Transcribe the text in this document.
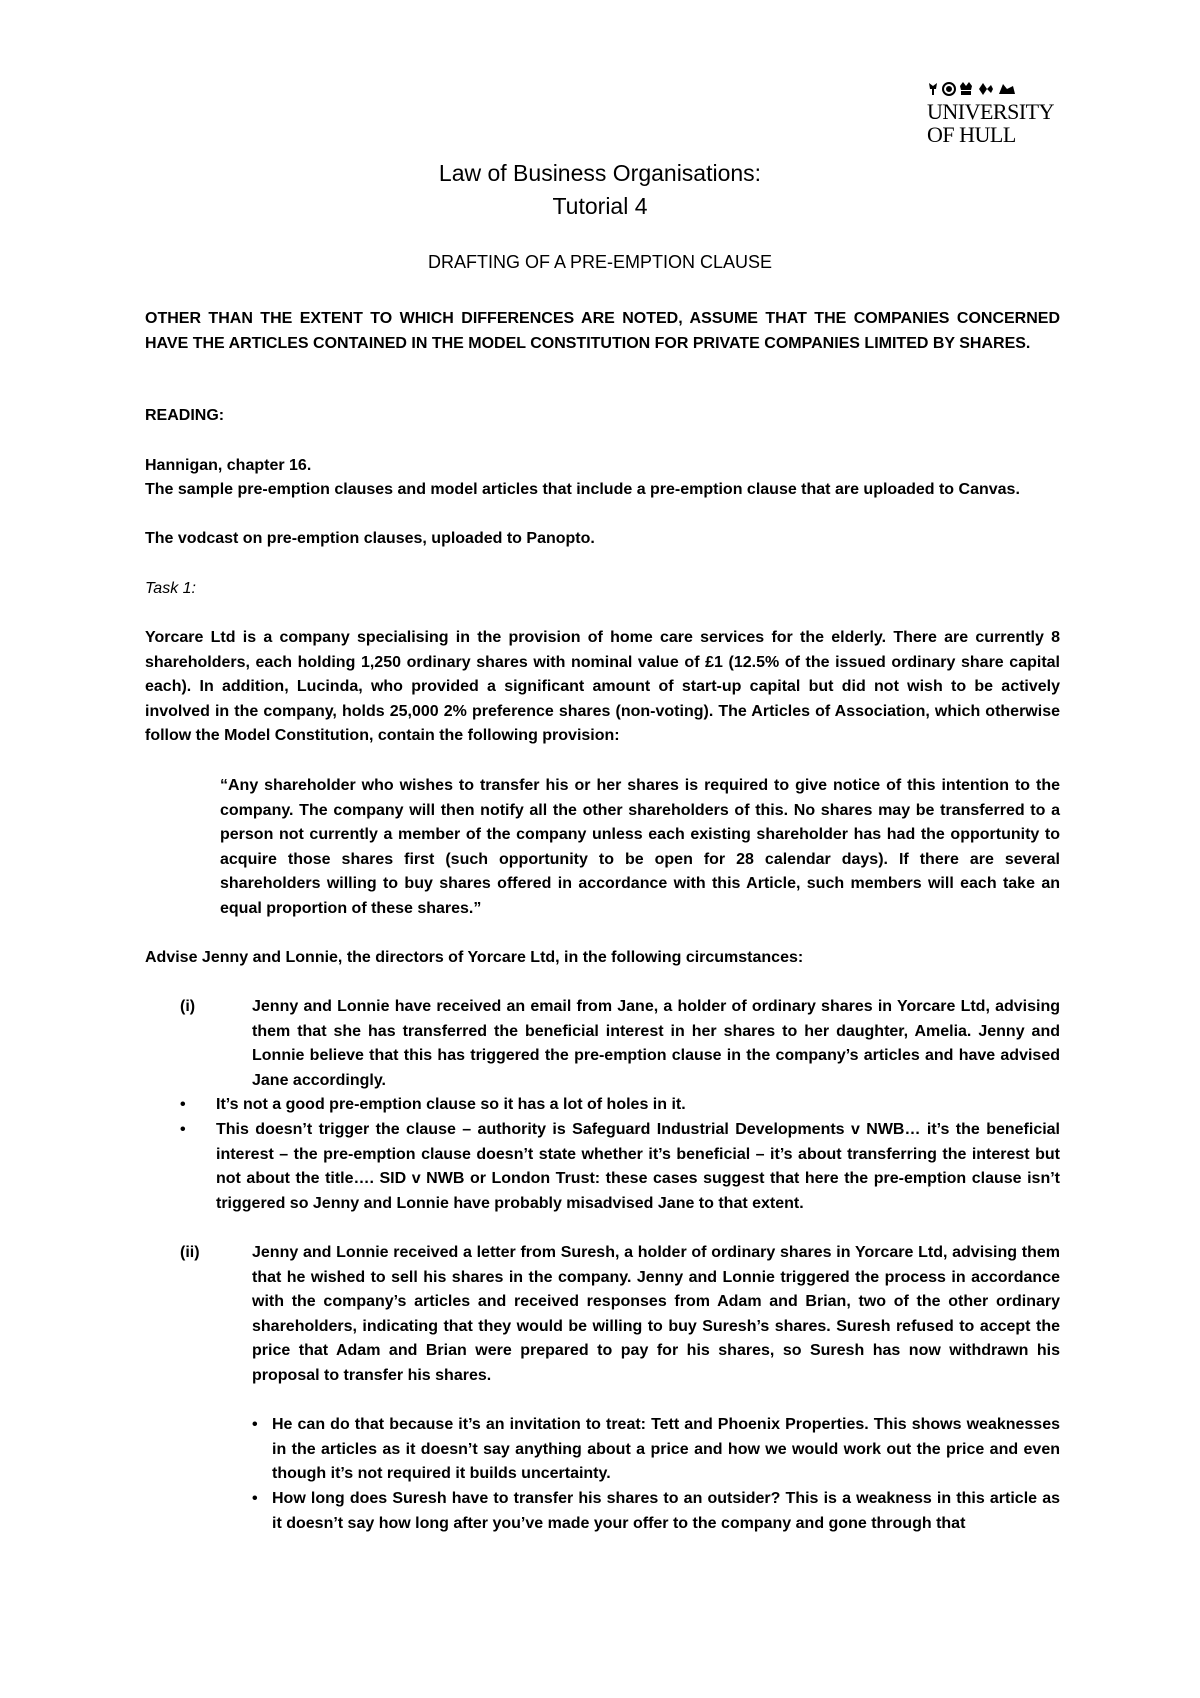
UNIVERSITY
OF HULL
Law of Business Organisations:
Tutorial 4
DRAFTING OF A PRE-EMPTION CLAUSE
OTHER THAN THE EXTENT TO WHICH DIFFERENCES ARE NOTED, ASSUME THAT THE COMPANIES CONCERNED HAVE THE ARTICLES CONTAINED IN THE MODEL CONSTITUTION FOR PRIVATE COMPANIES LIMITED BY SHARES.
READING:
Hannigan, chapter 16.
The sample pre-emption clauses and model articles that include a pre-emption clause that are uploaded to Canvas.
The vodcast on pre-emption clauses, uploaded to Panopto.
Task 1:
Yorcare Ltd is a company specialising in the provision of home care services for the elderly. There are currently 8 shareholders, each holding 1,250 ordinary shares with nominal value of £1 (12.5% of the issued ordinary share capital each). In addition, Lucinda, who provided a significant amount of start-up capital but did not wish to be actively involved in the company, holds 25,000 2% preference shares (non-voting). The Articles of Association, which otherwise follow the Model Constitution, contain the following provision:
“Any shareholder who wishes to transfer his or her shares is required to give notice of this intention to the company. The company will then notify all the other shareholders of this. No shares may be transferred to a person not currently a member of the company unless each existing shareholder has had the opportunity to acquire those shares first (such opportunity to be open for 28 calendar days). If there are several shareholders willing to buy shares offered in accordance with this Article, such members will each take an equal proportion of these shares.”
Advise Jenny and Lonnie, the directors of Yorcare Ltd, in the following circumstances:
(i)	Jenny and Lonnie have received an email from Jane, a holder of ordinary shares in Yorcare Ltd, advising them that she has transferred the beneficial interest in her shares to her daughter, Amelia. Jenny and Lonnie believe that this has triggered the pre-emption clause in the company’s articles and have advised Jane accordingly.
• It’s not a good pre-emption clause so it has a lot of holes in it.
• This doesn’t trigger the clause – authority is Safeguard Industrial Developments v NWB… it’s the beneficial interest – the pre-emption clause doesn’t state whether it’s beneficial – it’s about transferring the interest but not about the title…. SID v NWB or London Trust: these cases suggest that here the pre-emption clause isn’t triggered so Jenny and Lonnie have probably misadvised Jane to that extent.
(ii)	Jenny and Lonnie received a letter from Suresh, a holder of ordinary shares in Yorcare Ltd, advising them that he wished to sell his shares in the company. Jenny and Lonnie triggered the process in accordance with the company’s articles and received responses from Adam and Brian, two of the other ordinary shareholders, indicating that they would be willing to buy Suresh’s shares. Suresh refused to accept the price that Adam and Brian were prepared to pay for his shares, so Suresh has now withdrawn his proposal to transfer his shares.
• He can do that because it’s an invitation to treat: Tett and Phoenix Properties. This shows weaknesses in the articles as it doesn’t say anything about a price and how we would work out the price and even though it’s not required it builds uncertainty.
• How long does Suresh have to transfer his shares to an outsider? This is a weakness in this article as it doesn’t say how long after you’ve made your offer to the company and gone through that
